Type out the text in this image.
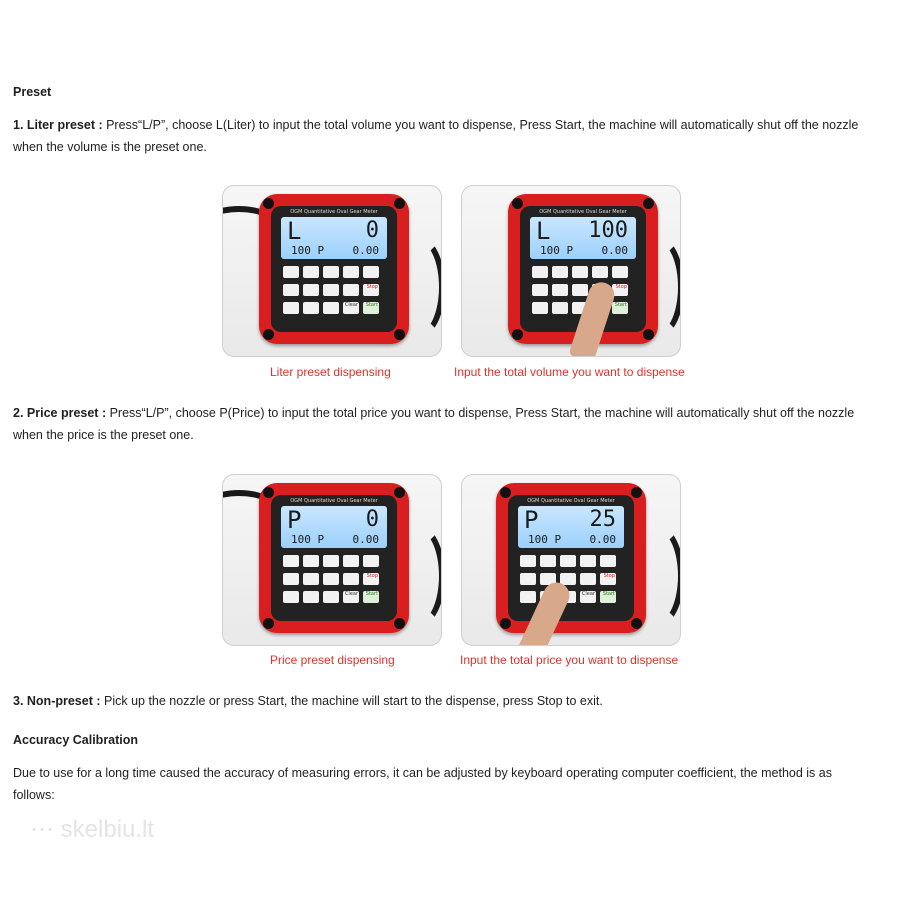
Preset
1. Liter preset : Press“L/P”, choose L(Liter) to input the total volume you want to dispense, Press Start, the machine will automatically shut off the nozzle
when the volume is the preset one.
OGM Quantitative Oval Gear Meter
L	0
100 P	0.00
Stop
Clear	Start
OGM Quantitative Oval Gear Meter
L 100
100 P	0.00
Stop
Start
Liter preset dispensing	Input the total volume you want to dispense
2. Price preset : Press“L/P”, choose P(Price) to input the total price you want to dispense, Press Start, the machine will automatically shut off the nozzle
when the price is the preset one.
OGM Quantitative Oval Gear Meter
P	0
100 P	0.00
Stop
Clear	Start
OGM Quantitative Oval Gear Meter
P 25
100 P	0.00
Stop
Clear	Start
Price preset dispensing	Input the total price you want to dispense
3. Non-preset : Pick up the nozzle or press Start, the machine will start to the dispense, press Stop to exit.
Accuracy Calibration
Due to use for a long time caused the accuracy of measuring errors, it can be adjusted by keyboard operating computer coefficient, the method is as
follows:
⋯ skelbiu.lt
